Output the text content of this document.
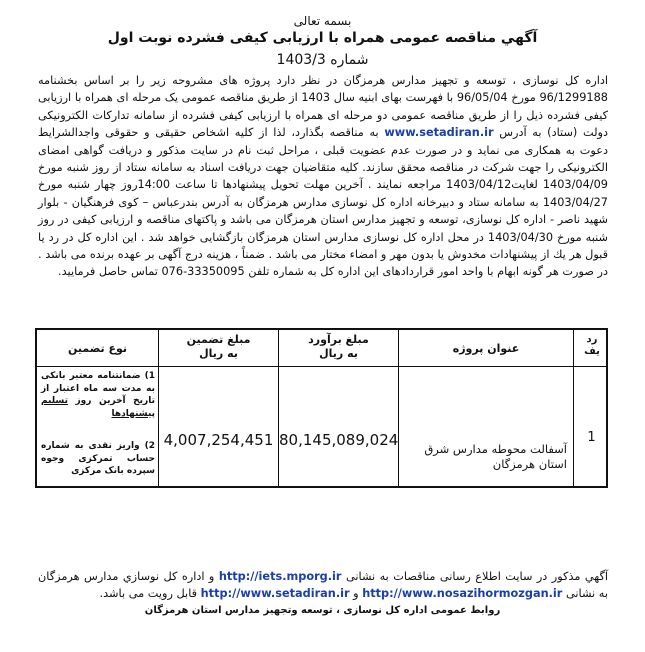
بسمه تعالی
آگهي مناقصه عمومی همراه با ارزیابی کیفی فشرده نوبت اول
شماره 1403/3
اداره کل نوسازی ، توسعه و تجهیز مدارس هرمزگان در نظر دارد پروژه های مشروحه زیر را بر اساس بخشنامه 96/1299188 مورخ 96/05/04 با فهرست بهای ابنیه سال 1403 از طریق مناقصه عمومی یک مرحله ای همراه با ارزیابی کیفی فشرده ذیل را از طریق مناقصه عمومی دو مرحله ای همراه با ارزیابی کیفی فشرده از سامانه تدارکات الکترونیکی دولت (ستاد) به آدرس www.setadiran.ir به مناقصه بگذارد، لذا از کلیه اشخاص حقیقی و حقوقی واجدالشرایط دعوت به همکاری می نماید و در صورت عدم عضویت قبلی ، مراحل ثبت نام در سایت مذکور و دریافت گواهی امضای الکترونیکی را جهت شرکت در مناقصه محقق سازند. کلیه متقاضیان جهت دریافت اسناد به سامانه ستاد از روز شنبه مورخ 1403/04/09 لغایت1403/04/12 مراجعه نمایند . آخرین مهلت تحویل پیشنهادها تا ساعت 14:00روز چهار شنبه مورخ 1403/04/27 به سامانه ستاد و دبیرخانه اداره کل نوسازی مدارس هرمزگان به آدرس بندرعباس – کوی فرهنگیان - بلوار شهید ناصر - اداره کل نوسازی، توسعه و تجهیز مدارس استان هرمزگان می باشد و پاکتهای مناقصه و ارزیابی کیفی در روز شنبه مورخ 1403/04/30 در محل اداره کل نوسازی مدارس استان هرمزگان بازگشایی خواهد شد . این اداره کل در رد یا قبول هر یك از پیشنهادات مخدوش یا بدون مهر و امضاء مختار می باشد . ضمناً ، هزینه درج آگهی بر عهده برنده می باشد . در صورت هر گونه ابهام با واحد امور قراردادهای این اداره کل به شماره تلفن 33350095-076 تماس حاصل فرمایید.
رد
یف
عنوان پروژه
مبلغ برآورد
به ریال
مبلغ تضمین
به ریال
نوع تضمین
1
آسفالت محوطه مدارس شرق استان هرمزگان
80,145,089,024
4,007,254,451
1) ضمانتنامه معتبر بانکی به مدت سه ماه اعتبار از تاریخ آخرین روز تسلیم پیشنهادها
2) واریز نقدی به شماره حساب تمرکزی وجوه سپرده بانک مرکزی
آگهي مذکور در سایت اطلاع رسانی مناقصات به نشانی http://iets.mporg.ir و اداره کل نوسازي مدارس هرمزگان به نشانی http://www.nosazihormozgan.ir و http://www.setadiran.ir قابل رویت می باشد.
روابط عمومی اداره کل نوسازی ، توسعه وتجهیز مدارس استان هرمزگان
